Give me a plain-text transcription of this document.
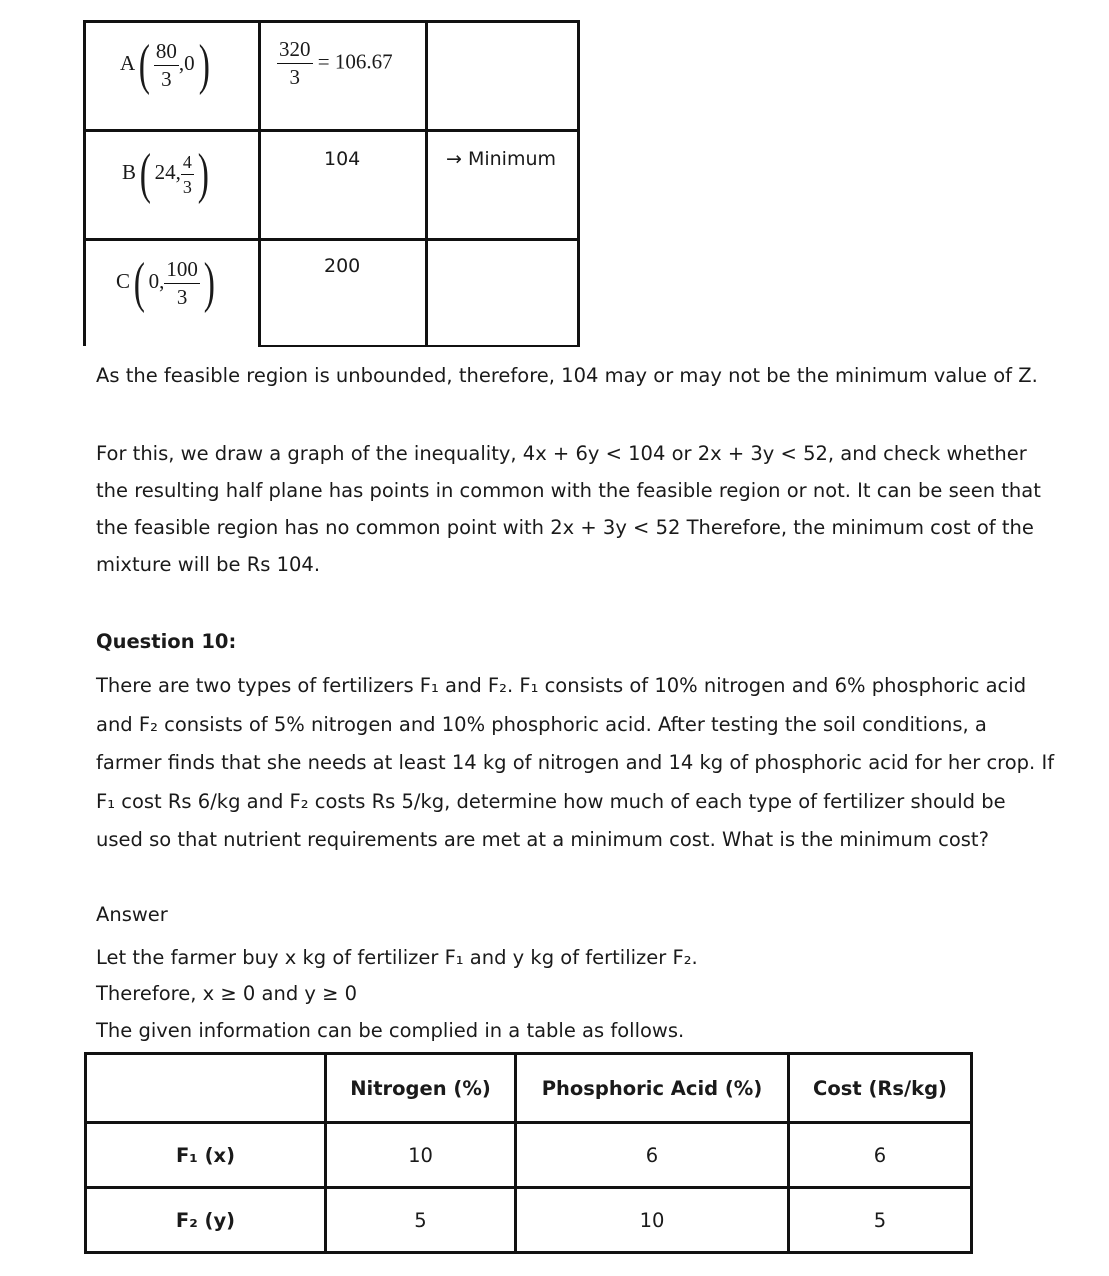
$A( \frac{80}{3} ,0)$	$\frac{320}{3} = 106.67$	

B( 24, $\frac{4}{3}$ )	104	→ Minimum

C( 0, $\frac{100}{3}$ )	200	

As the feasible region is unbounded, therefore, 104 may or may not be the minimum value of Z.
For this, we draw a graph of the inequality, 4x + 6y < 104 or 2x + 3y < 52, and check whether the resulting half plane has points in common with the feasible region or not. It can be seen that the feasible region has no common point with 2x + 3y < 52 Therefore, the minimum cost of the mixture will be Rs 104.
Question 10:
There are two types of fertilizers F₁ and F₂. F₁ consists of 10% nitrogen and 6% phosphoric acid and F₂ consists of 5% nitrogen and 10% phosphoric acid. After testing the soil conditions, a farmer finds that she needs at least 14 kg of nitrogen and 14 kg of phosphoric acid for her crop. If F₁ cost Rs 6/kg and F₂ costs Rs 5/kg, determine how much of each type of fertilizer should be used so that nutrient requirements are met at a minimum cost. What is the minimum cost?
Answer
Let the farmer buy x kg of fertilizer F₁ and y kg of fertilizer F₂.
Therefore, x ≥ 0 and y ≥ 0
The given information can be complied in a table as follows.
	Nitrogen (%)	Phosphoric Acid (%)	Cost (Rs/kg)
F₁ (x)	10	6	6
F₂ (y)	5	10	5
